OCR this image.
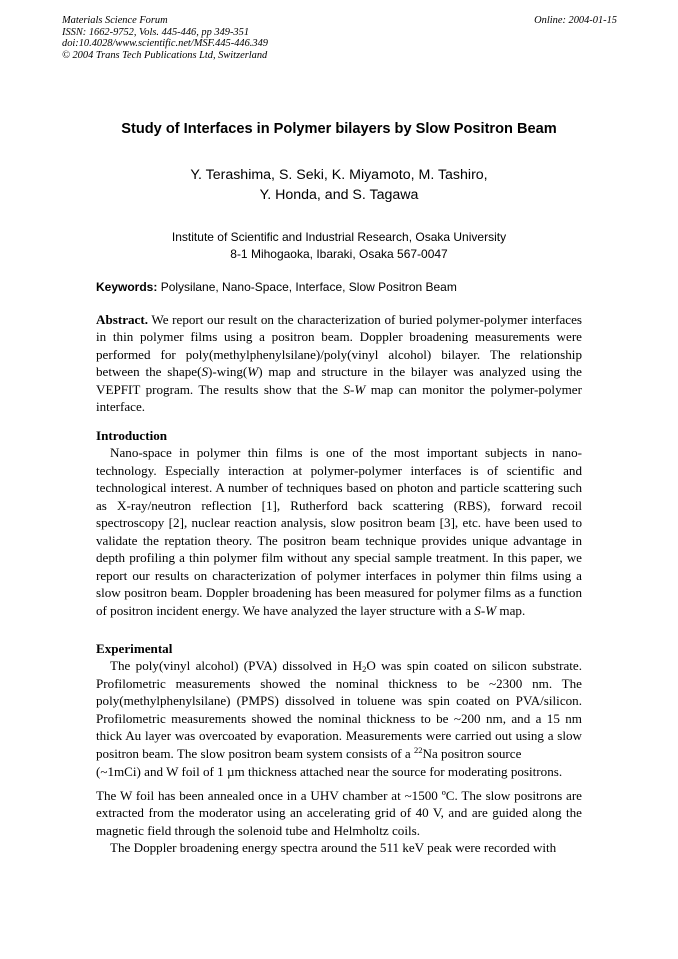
Materials Science Forum
ISSN: 1662-9752, Vols. 445-446, pp 349-351
doi:10.4028/www.scientific.net/MSF.445-446.349
© 2004 Trans Tech Publications Ltd, Switzerland
Online: 2004-01-15
Study of Interfaces in Polymer bilayers by Slow Positron Beam
Y. Terashima, S. Seki, K. Miyamoto, M. Tashiro,
Y. Honda, and S. Tagawa
Institute of Scientific and Industrial Research, Osaka University
8-1 Mihogaoka, Ibaraki, Osaka 567-0047
Keywords: Polysilane, Nano-Space, Interface, Slow Positron Beam

Abstract. We report our result on the characterization of buried polymer-polymer interfaces in thin polymer films using a positron beam. Doppler broadening measurements were performed for poly(methylphenylsilane)/poly(vinyl alcohol) bilayer. The relationship between the shape(S)-wing(W) map and structure in the bilayer was analyzed using the VEPFIT program. The results show that the S-W map can monitor the polymer-polymer interface.

Introduction

Nano-space in polymer thin films is one of the most important subjects in nano-technology. Especially interaction at polymer-polymer interfaces is of scientific and technological interest. A number of techniques based on photon and particle scattering such as X-ray/neutron reflection [1], Rutherford back scattering (RBS), forward recoil spectroscopy [2], nuclear reaction analysis, slow positron beam [3], etc. have been used to validate the reptation theory. The positron beam technique provides unique advantage in depth profiling a thin polymer film without any special sample treatment. In this paper, we report our results on characterization of polymer interfaces in polymer thin films using a slow positron beam. Doppler broadening has been measured for polymer films as a function of positron incident energy. We have analyzed the layer structure with a S-W map.

Experimental

The poly(vinyl alcohol) (PVA) dissolved in $H_2O$ was spin coated on silicon substrate. Profilometric measurements showed the nominal thickness to be ~2300 nm. The poly(methylphenylsilane) (PMPS) dissolved in toluene was spin coated on PVA/silicon. Profilometric measurements showed the nominal thickness to be ~200 nm, and a 15 nm thick Au layer was overcoated by evaporation. Measurements were carried out using a slow positron beam. The slow positron beam system consists of a $^{22}$Na positron source

(~1mCi) and W foil of 1 µm thickness attached near the source for moderating positrons.

The W foil has been annealed once in a UHV chamber at ~1500 ºC. The slow positrons are extracted from the moderator using an accelerating grid of 40 V, and are guided along the magnetic field through the solenoid tube and Helmholtz coils.

The Doppler broadening energy spectra around the 511 keV peak were recorded with
